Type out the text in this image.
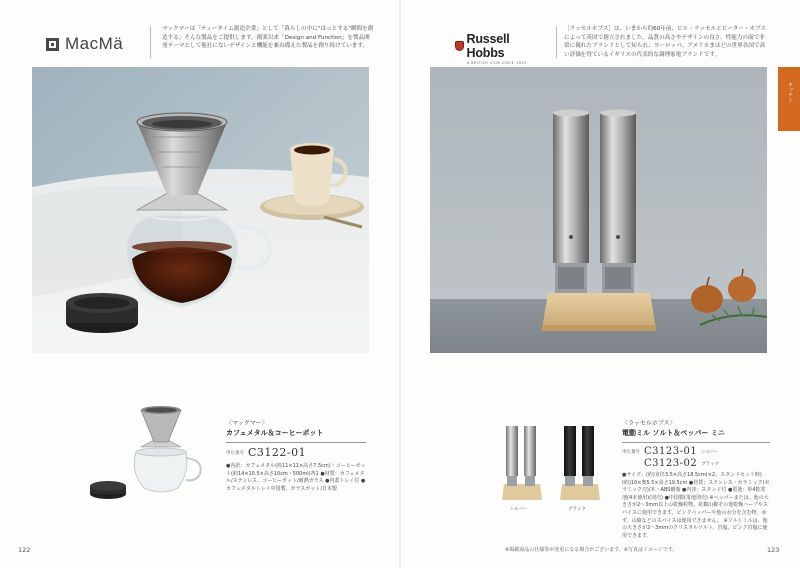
MacMä

マックマーは「ティータイム創造企業」として「暮らしの中に"ほっとする"瞬間を創造する」そんな製品をご提供します。創業以来「Design and Function」を製品開発テーマとして他社にないデザインと機能を兼ね備えた製品を創り続けています。

〈マックマー〉
カフェメタル＆コーヒーポット
申込番号 C3122-01

●内訳：カフェメタル(約11×11×高さ7.5cm)・コーヒーポット(約14×10.5×高さ10cm・500ml)各1 ●材質：カフェメタル/ステンレス、コーヒーポット/耐熱ガラス ●内蓋トレイ付 ●カフェメタルトレイ中国製、ガラスポット/日本製

122
Russell Hobbs
A BRITISH ICON SINCE 1952

［ラッセルホブス］は、いまから約60年前、ビル・ラッセルとピーター・ホブスによって英国で創立されました。品質の高さやデザインの良さ、性能力の面で非常に優れたブランドとして知られ、ヨーロッパ、アメリカまほどの世界各国で高い評価を得ているイギリスの代表的な調理家電ブランドです。

キッチン
シルバー	ブラック
〈ラッセルホブス〉
電動ミル ソルト＆ペッパー ミニ
申込番号 C3123-01 シルバー
C3123-02 ブラック

●サイズ：(約)直径3.5×高さ18.5cm(×2、スタンドセット時)(約)10×奥5.5×高さ19.5cm ●材質：ステンレス・セラミック(セラミック刃)/木・ABS樹脂 ●内容：スタンド付 ●電池：単4乾電池(4本使用)(別売) ●中国製(電池別売) ※ペッパーまたは、他の大きさが2〜3mm以上の乾燥粒物、花椒山椒その他乾燥ハーブやスパイスに使用できます。ピンクペッパーや他の水分を含む物、ゆず、山椒などのスパイスは使用できません。 ※ソルトミルは、他の大きさが2〜3mmのクリスタルソルト、岩塩、ピンク岩塩に使用できます。

※掲載商品の仕様等が変更になる場合がございます。※写真はイメージです。	123
